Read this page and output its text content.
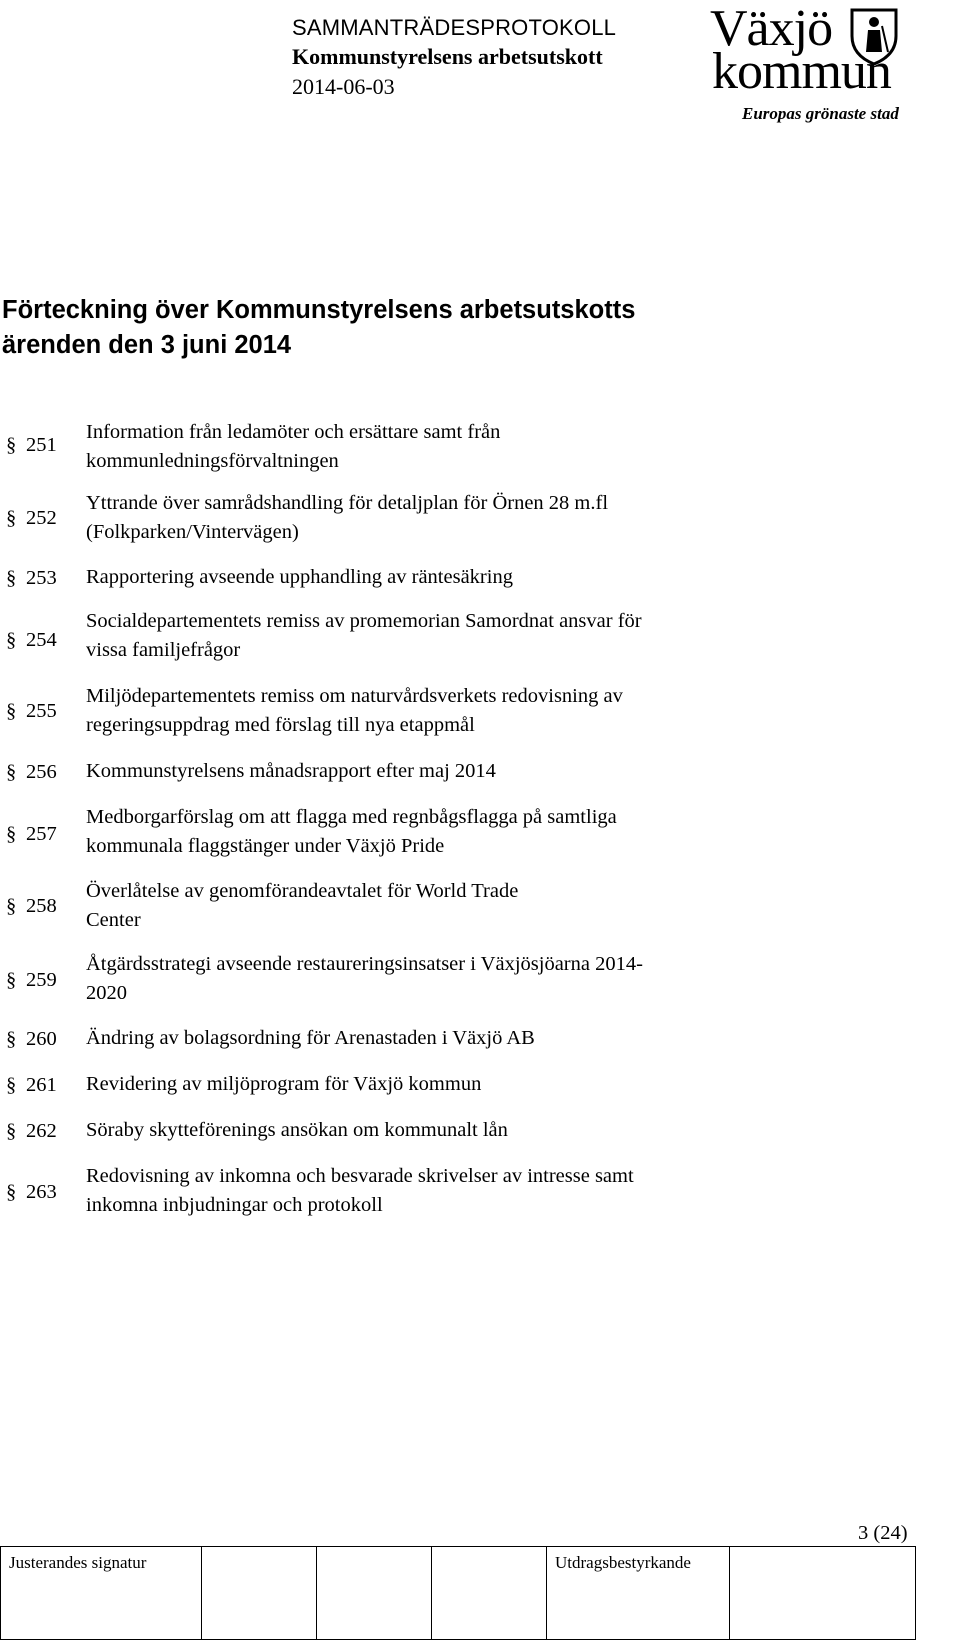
SAMMANTRÄDESPROTOKOLL
Kommunstyrelsens arbetsutskott
2014-06-03
Växjö
kommun
Europas grönaste stad
Förteckning över Kommunstyrelsens arbetsutskotts
ärenden den 3 juni 2014
§ 251
Information från ledamöter och ersättare samt från
kommunledningsförvaltningen
§ 252
Yttrande över samrådshandling för detaljplan för Örnen 28 m.fl
(Folkparken/Vintervägen)
§ 253	Rapportering avseende upphandling av räntesäkring
§ 254
Socialdepartementets remiss av promemorian Samordnat ansvar för
vissa familjefrågor
§ 255
Miljödepartementets remiss om naturvårdsverkets redovisning av
regeringsuppdrag med förslag till nya etappmål
§ 256	Kommunstyrelsens månadsrapport efter maj 2014
§ 257
Medborgarförslag om att flagga med regnbågsflagga på samtliga
kommunala flaggstänger under Växjö Pride
§ 258
Överlåtelse av genomförandeavtalet för World Trade
Center
§ 259
Åtgärdsstrategi avseende restaureringsinsatser i Växjösjöarna 2014-
2020
§ 260	Ändring av bolagsordning för Arenastaden i Växjö AB
§ 261	Revidering av miljöprogram för Växjö kommun
§ 262	Söraby skytteförenings ansökan om kommunalt lån
§ 263
Redovisning av inkomna och besvarade skrivelser av intresse samt
inkomna inbjudningar och protokoll
3 (24)
Justerandes signatur				Utdragsbestyrkande	
